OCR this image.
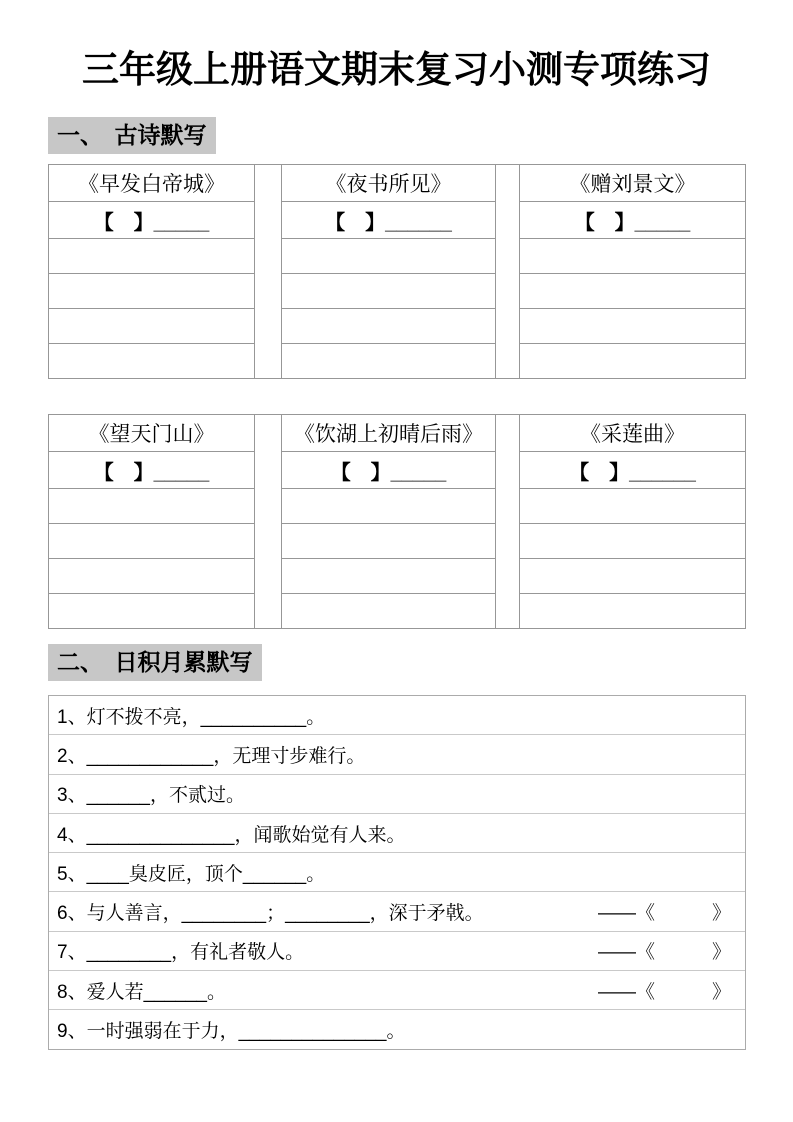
三年级上册语文期末复习小测专项练习
一、　古诗默写
《早发白帝城》		《夜书所见》		《赠刘景文》
【　】_____		【　】______		【　】_____

《望天门山》		《饮湖上初晴后雨》		《采莲曲》
【　】_____		【　】_____		【　】______

二、　日积月累默写
1、灯不拨不亮，__________。
2、____________，无理寸步难行。
3、______，不贰过。
4、______________，闻歌始觉有人来。
5、____臭皮匠，顶个______。
6、与人善言，________；________，深于矛戟。	——《　　　》
7、________，有礼者敬人。	——《　　　》
8、爱人若______。	——《　　　》
9、一时强弱在于力，______________。
